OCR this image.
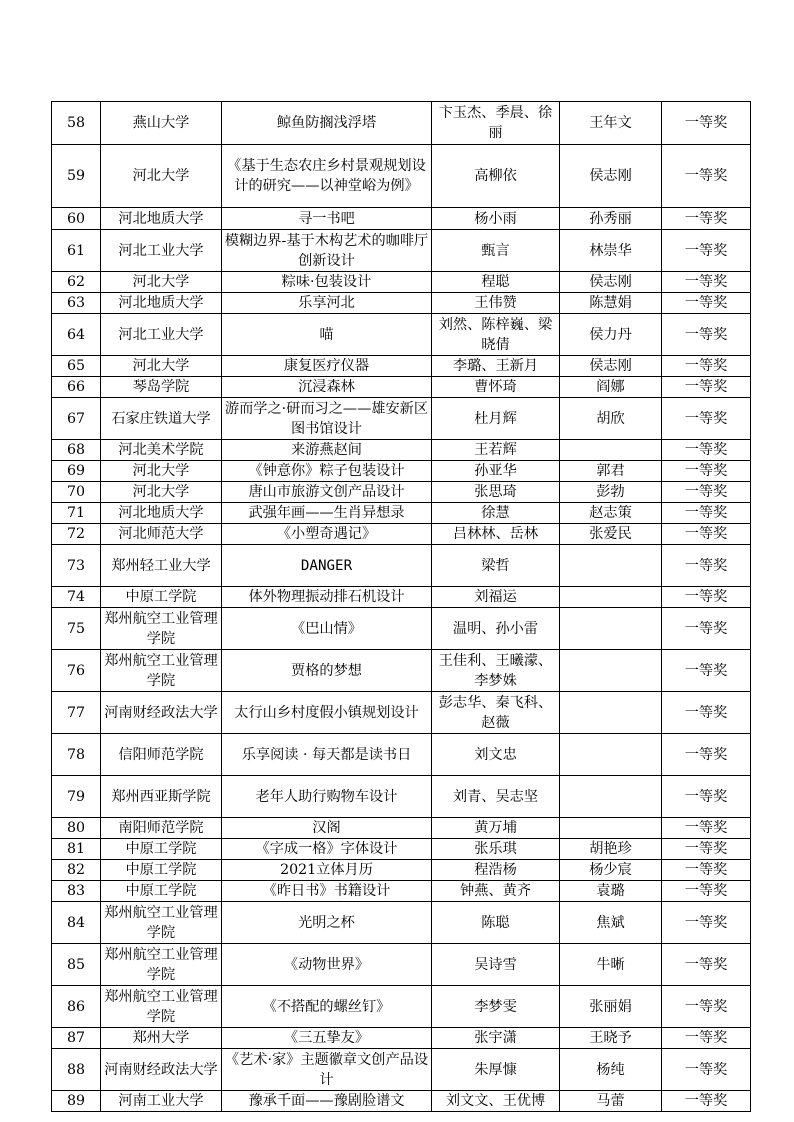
58	燕山大学	鲸鱼防搁浅浮塔	卞玉杰、季晨、徐丽	王年文	一等奖
59	河北大学	《基于生态农庄乡村景观规划设计的研究——以神堂峪为例》	高柳依	侯志刚	一等奖
60	河北地质大学	寻一书吧	杨小雨	孙秀丽	一等奖
61	河北工业大学	模糊边界-基于木构艺术的咖啡厅创新设计	甄言	林崇华	一等奖
62	河北大学	粽味·包装设计	程聪	侯志刚	一等奖
63	河北地质大学	乐享河北	王伟赞	陈慧娟	一等奖
64	河北工业大学	喵	刘然、陈梓巍、梁晓倩	侯力丹	一等奖
65	河北大学	康复医疗仪器	李璐、王新月	侯志刚	一等奖
66	琴岛学院	沉浸森林	曹怀琦	阎娜	一等奖
67	石家庄铁道大学	游而学之·研而习之——雄安新区图书馆设计	杜月辉	胡欣	一等奖
68	河北美术学院	来游燕赵间	王若辉		一等奖
69	河北大学	《钟意你》粽子包装设计	孙亚华	郭君	一等奖
70	河北大学	唐山市旅游文创产品设计	张思琦	彭勃	一等奖
71	河北地质大学	武强年画——生肖异想录	徐慧	赵志策	一等奖
72	河北师范大学	《小塑奇遇记》	吕林林、岳林	张爱民	一等奖
73	郑州轻工业大学	DANGER	梁哲		一等奖
74	中原工学院	体外物理振动排石机设计	刘福运		一等奖
75	郑州航空工业管理学院	《巴山情》	温明、孙小雷		一等奖
76	郑州航空工业管理学院	贾格的梦想	王佳利、王曦濛、李梦姝		一等奖
77	河南财经政法大学	太行山乡村度假小镇规划设计	彭志华、秦飞科、赵薇		一等奖
78	信阳师范学院	乐享阅读 · 每天都是读书日	刘文忠		一等奖
79	郑州西亚斯学院	老年人助行购物车设计	刘青、吴志坚		一等奖
80	南阳师范学院	汉阁	黄万埔		一等奖
81	中原工学院	《字成一格》字体设计	张乐琪	胡艳珍	一等奖
82	中原工学院	2021立体月历	程浩杨	杨少宸	一等奖
83	中原工学院	《昨日书》书籍设计	钟燕、黄齐	袁璐	一等奖
84	郑州航空工业管理学院	光明之杯	陈聪	焦斌	一等奖
85	郑州航空工业管理学院	《动物世界》	吴诗雪	牛晰	一等奖
86	郑州航空工业管理学院	《不搭配的螺丝钉》	李梦雯	张丽娟	一等奖
87	郑州大学	《三五挚友》	张宇潇	王晓予	一等奖
88	河南财经政法大学	《艺术·家》主题徽章文创产品设计	朱厚慷	杨纯	一等奖
89	河南工业大学	豫承千面——豫剧脸谱文	刘文文、王优博	马蕾	一等奖
